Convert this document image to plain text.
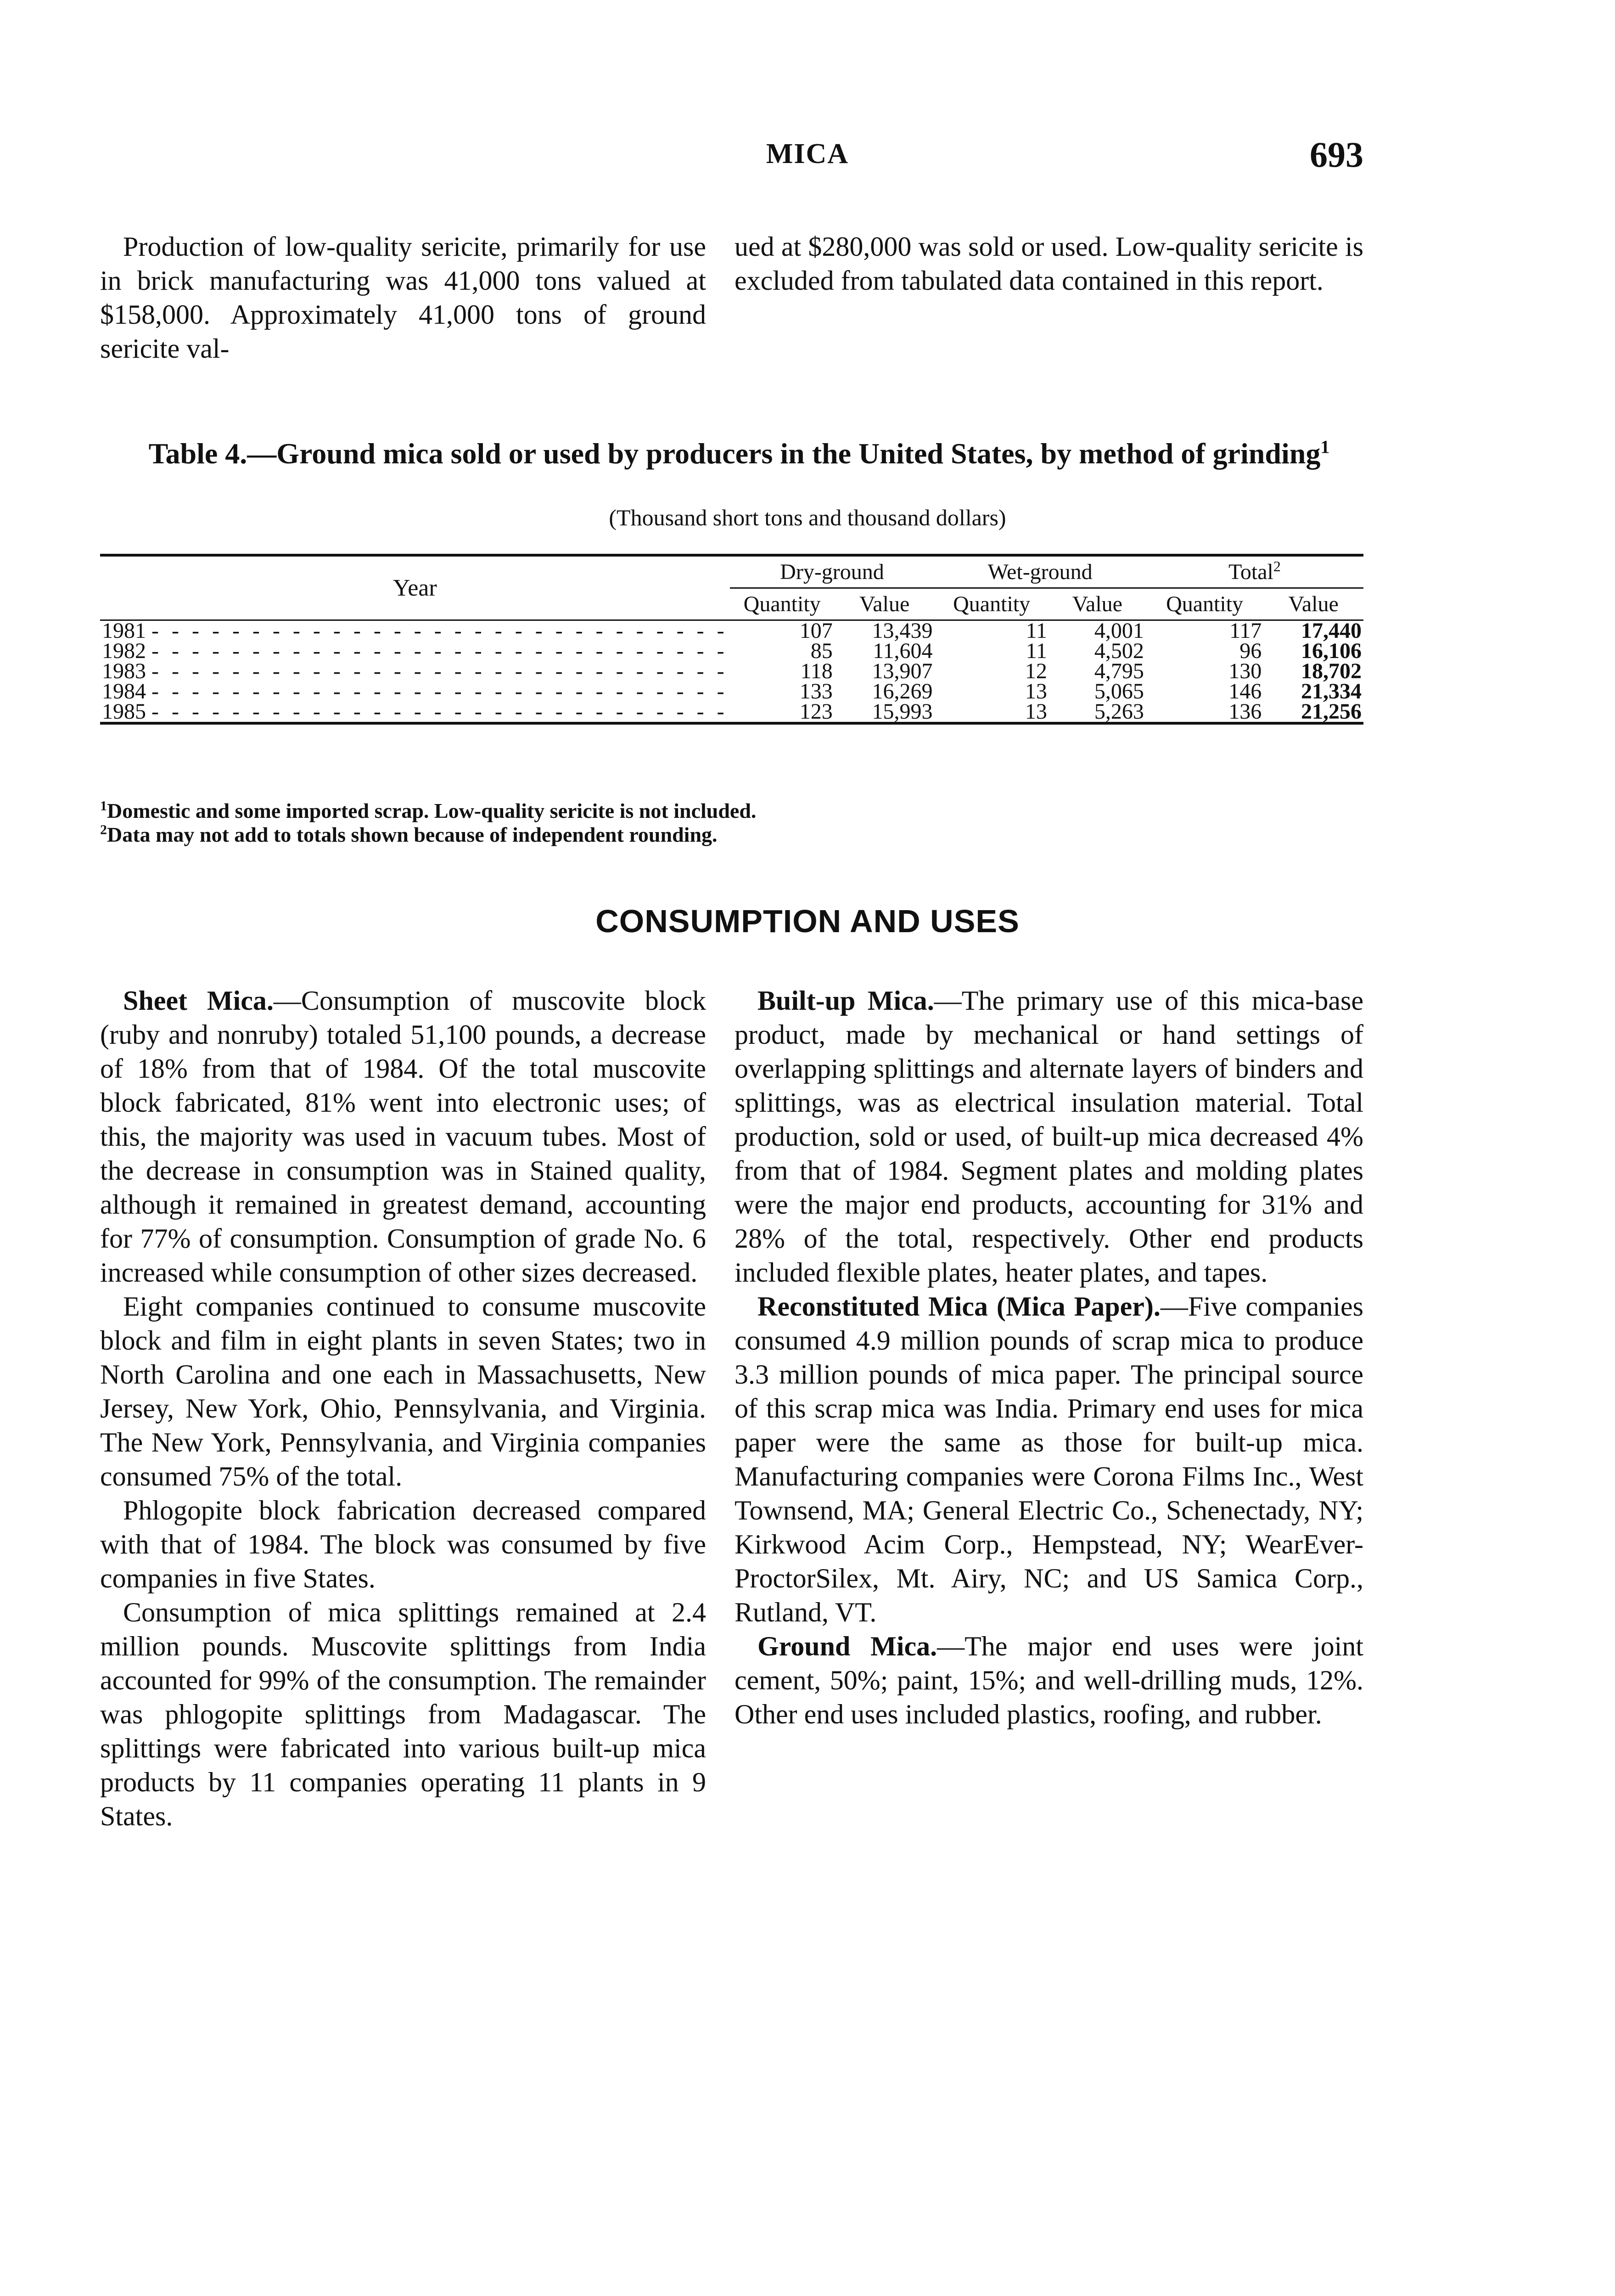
MICA	693

Production of low-quality sericite, primarily for use in brick manufacturing was 41,000 tons valued at $158,000. Approximately 41,000 tons of ground sericite val-

ued at $280,000 was sold or used. Low-quality sericite is excluded from tabulated data contained in this report.

Table 4.—Ground mica sold or used by producers in the United States, by method of grinding$^1$
(Thousand short tons and thousand dollars)
Year	Dry-ground		Wet-ground		Total$^2$
	Quantity	Value	Quantity	Value	Quantity	Value
1981 - - - - - - - - - - - - - - - - - - - - - - - - - - - - -	107	13,439	11	4,001	117	17,440
1982 - - - - - - - - - - - - - - - - - - - - - - - - - - - - -	85	11,604	11	4,502	96	16,106
1983 - - - - - - - - - - - - - - - - - - - - - - - - - - - - -	118	13,907	12	4,795	130	18,702
1984 - - - - - - - - - - - - - - - - - - - - - - - - - - - - -	133	16,269	13	5,065	146	21,334
1985 - - - - - - - - - - - - - - - - - - - - - - - - - - - - -	123	15,993	13	5,263	136	21,256

$^1$Domestic and some imported scrap. Low-quality sericite is not included.

$^2$Data may not add to totals shown because of independent rounding.

CONSUMPTION AND USES

Sheet Mica.—Consumption of muscovite block (ruby and nonruby) totaled 51,100 pounds, a decrease of 18% from that of 1984. Of the total muscovite block fabricated, 81% went into electronic uses; of this, the majority was used in vacuum tubes. Most of the decrease in consumption was in Stained quality, although it remained in greatest demand, accounting for 77% of consumption. Consumption of grade No. 6 increased while consumption of other sizes decreased.

Eight companies continued to consume muscovite block and film in eight plants in seven States; two in North Carolina and one each in Massachusetts, New Jersey, New York, Ohio, Pennsylvania, and Virginia. The New York, Pennsylvania, and Virginia companies consumed 75% of the total.

Phlogopite block fabrication decreased compared with that of 1984. The block was consumed by five companies in five States.

Consumption of mica splittings remained at 2.4 million pounds. Muscovite splittings from India accounted for 99% of the consumption. The remainder was phlogopite splittings from Madagascar. The splittings were fabricated into various built-up mica products by 11 companies operating 11 plants in 9 States.

Built-up Mica.—The primary use of this mica-base product, made by mechanical or hand settings of overlapping splittings and alternate layers of binders and splittings, was as electrical insulation material. Total production, sold or used, of built-up mica decreased 4% from that of 1984. Segment plates and molding plates were the major end products, accounting for 31% and 28% of the total, respectively. Other end products included flexible plates, heater plates, and tapes.

Reconstituted Mica (Mica Paper).—Five companies consumed 4.9 million pounds of scrap mica to produce 3.3 million pounds of mica paper. The principal source of this scrap mica was India. Primary end uses for mica paper were the same as those for built-up mica. Manufacturing companies were Corona Films Inc., West Townsend, MA; General Electric Co., Schenectady, NY; Kirkwood Acim Corp., Hempstead, NY; WearEver-ProctorSilex, Mt. Airy, NC; and US Samica Corp., Rutland, VT.

Ground Mica.—The major end uses were joint cement, 50%; paint, 15%; and well-drilling muds, 12%. Other end uses included plastics, roofing, and rubber.
